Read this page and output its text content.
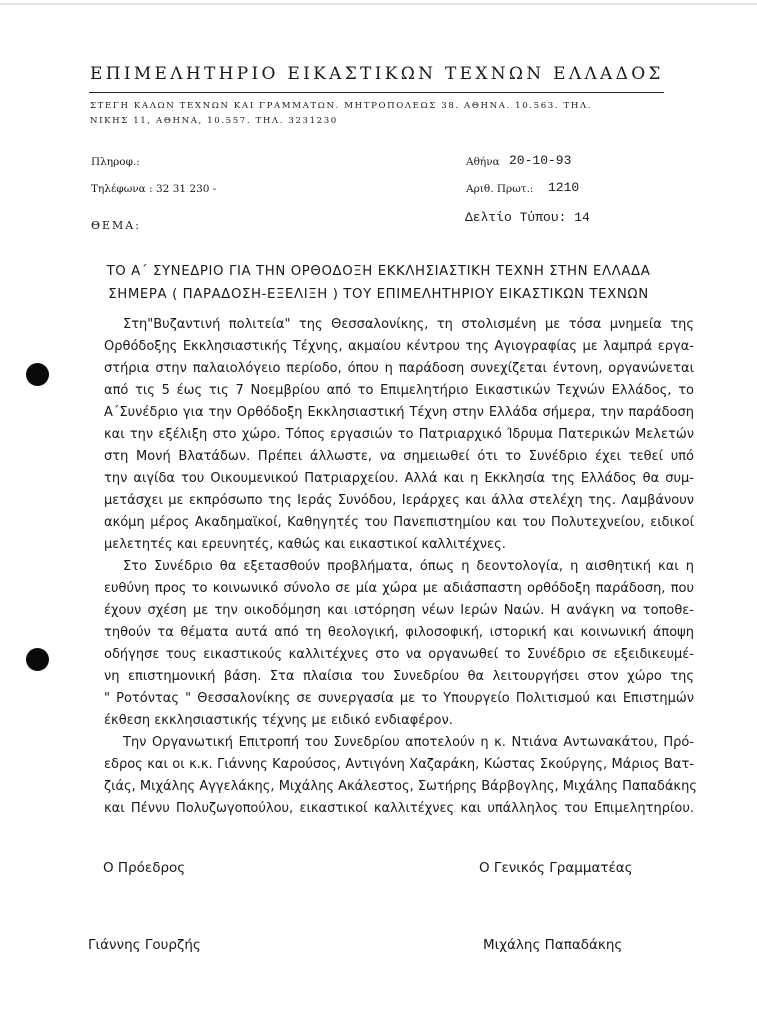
ΕΠΙΜΕΛΗΤΗΡΙΟ ΕΙΚΑΣΤΙΚΩΝ ΤΕΧΝΩΝ ΕΛΛΑΔΟΣ
ΣΤΕΓΗ ΚΑΛΩΝ ΤΕΧΝΩΝ ΚΑΙ ΓΡΑΜΜΑΤΩΝ. ΜΗΤΡΟΠΟΛΕΩΣ 38. ΑΘΗΝΑ. 10.563. ΤΗΛ.
ΝΙΚΗΣ 11, ΑΘΗΝΑ, 10.557. ΤΗΛ. 3231230
Πληροφ.:
Τηλέφωνα : 32 31 230 -
ΘΕΜΑ:
Αθήνα 20-10-93
Αριθ. Πρωτ.: 1210
Δελτίο Τύπου: 14
ΤΟ Α΄ ΣΥΝΕΔΡΙΟ ΓΙΑ ΤΗΝ ΟΡΘΟΔΟΞΗ ΕΚΚΛΗΣΙΑΣΤΙΚΗ ΤΕΧΝΗ ΣΤΗΝ ΕΛΛΑΔΑ
ΣΗΜΕΡΑ ( ΠΑΡΑΔΟΣΗ-ΕΞΕΛΙΞΗ ) ΤΟΥ ΕΠΙΜΕΛΗΤΗΡΙΟΥ ΕΙΚΑΣΤΙΚΩΝ ΤΕΧΝΩΝ
Στη"Βυζαντινή πολιτεία" της Θεσσαλονίκης, τη στολισμένη με τόσα μνημεία της
Ορθόδοξης Εκκλησιαστικής Τέχνης, ακμαίου κέντρου της Αγιογραφίας με λαμπρά εργα-
στήρια στην παλαιολόγειο περίοδο, όπου η παράδοση συνεχίζεται έντονη, οργανώνεται
από τις 5 έως τις 7 Νοεμβρίου από το Επιμελητήριο Εικαστικών Τεχνών Ελλάδος, το
Α΄Συνέδριο για την Ορθόδοξη Εκκλησιαστική Τέχνη στην Ελλάδα σήμερα, την παράδοση
και την εξέλιξη στο χώρο. Τόπος εργασιών το Πατριαρχικό Ίδρυμα Πατερικών Μελετών
στη Μονή Βλατάδων. Πρέπει άλλωστε, να σημειωθεί ότι το Συνέδριο έχει τεθεί υπό
την αιγίδα του Οικουμενικού Πατριαρχείου. Αλλά και η Εκκλησία της Ελλάδος θα συμ-
μετάσχει με εκπρόσωπο της Ιεράς Συνόδου, Ιεράρχες και άλλα στελέχη της. Λαμβάνουν
ακόμη μέρος Ακαδημαϊκοί, Καθηγητές του Πανεπιστημίου και του Πολυτεχνείου, ειδικοί
μελετητές και ερευνητές, καθώς και εικαστικοί καλλιτέχνες.
Στο Συνέδριο θα εξετασθούν προβλήματα, όπως η δεοντολογία, η αισθητική και η
ευθύνη προς το κοινωνικό σύνολο σε μία χώρα με αδιάσπαστη ορθόδοξη παράδοση, που
έχουν σχέση με την οικοδόμηση και ιστόρηση νέων Ιερών Ναών. Η ανάγκη να τοποθε-
τηθούν τα θέματα αυτά από τη θεολογική, φιλοσοφική, ιστορική και κοινωνική άποψη
οδήγησε τους εικαστικούς καλλιτέχνες στο να οργανωθεί το Συνέδριο σε εξειδικευμέ-
νη επιστημονική βάση. Στα πλαίσια του Συνεδρίου θα λειτουργήσει στον χώρο της
" Ροτόντας " Θεσσαλονίκης σε συνεργασία με το Υπουργείο Πολιτισμού και Επιστημών
έκθεση εκκλησιαστικής τέχνης με ειδικό ενδιαφέρον.
Την Οργανωτική Επιτροπή του Συνεδρίου αποτελούν η κ. Ντιάνα Αντωνακάτου, Πρό-
εδρος και οι κ.κ. Γιάννης Καρούσος, Αντιγόνη Χαζαράκη, Κώστας Σκούργης, Μάριος Βατ-
ζιάς, Μιχάλης Αγγελάκης, Μιχάλης Ακάλεστος, Σωτήρης Βάρβογλης, Μιχάλης Παπαδάκης
και Πέννυ Πολυζωγοπούλου, εικαστικοί καλλιτέχνες και υπάλληλος του Επιμελητηρίου.
Ο Πρόεδρος	Ο Γενικός Γραμματέας
Γιάννης Γουρζής	Μιχάλης Παπαδάκης
